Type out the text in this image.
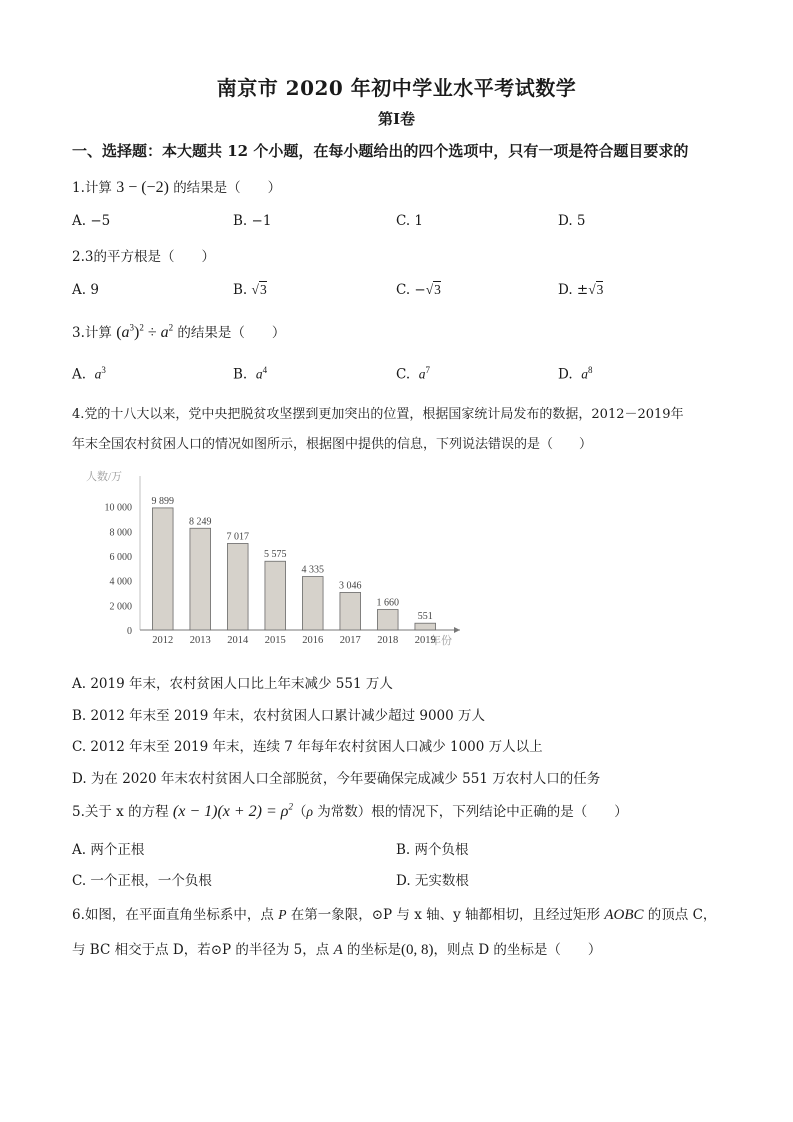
南京市 2020 年初中学业水平考试数学
第Ⅰ卷
一、选择题：本大题共 12 个小题，在每小题给出的四个选项中，只有一项是符合题目要求的
1.计算 3 − (−2) 的结果是（　　）
A. −5	B. −1	C. 1	D. 5
2.3的平方根是（　　）
A. 9	B. √3	C. −√3	D. ±√3
3.计算 $(a^3)^2 \div a^2$ 的结果是（　　）
A. $a^3$	B. $a^4$	C. $a^7$	D. $a^8$
4.党的十八大以来，党中央把脱贫攻坚摆到更加突出的位置，根据国家统计局发布的数据，2012－2019年
年末全国农村贫困人口的情况如图所示，根据图中提供的信息，下列说法错误的是（　　）
人数/万
年份
0
2 000
4 000
6 000
8 000
10 000
9 899
2012
8 249
2013
7 017
2014
5 575
2015
4 335
2016
3 046
2017
1 660
2018
551
2019
A. 2019 年末，农村贫困人口比上年末减少 551 万人
B. 2012 年末至 2019 年末，农村贫困人口累计减少超过 9000 万人
C. 2012 年末至 2019 年末，连续 7 年每年农村贫困人口减少 1000 万人以上
D. 为在 2020 年末农村贫困人口全部脱贫，今年要确保完成减少 551 万农村人口的任务
5.关于 x 的方程 $(x - 1)(x + 2) = \rho^2(\rho$ 为常数）根的情况下，下列结论中正确的是（　　）
A. 两个正根	B. 两个负根
C. 一个正根，一个负根	D. 无实数根
6.如图，在平面直角坐标系中，点 P 在第一象限，⊙P 与 x 轴、y 轴都相切，且经过矩形 AOBC 的顶点 C，
与 BC 相交于点 D，若⊙P 的半径为 5，点 A 的坐标是(0, 8)，则点 D 的坐标是（　　）
